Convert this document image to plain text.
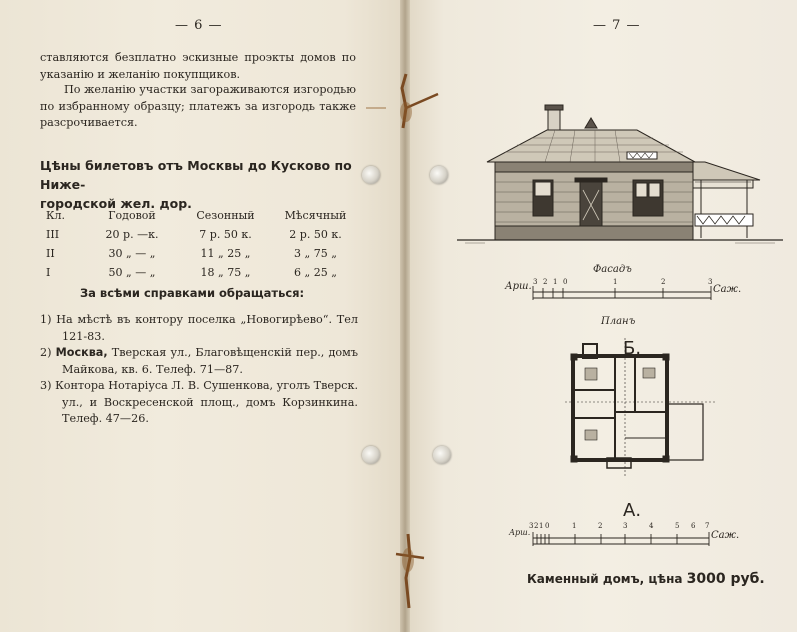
— 6 —

ставляются безплатно эскизные проэкты домов по указанію и желанію покупщиков.

По желанію участки загораживаются изгородью по избранному образцу; платежъ за изгородь также разсрочивается.

Цѣны билетовъ отъ Москвы до Кусково по Ниже-
городской жел. дор.
Кл.	Годовой	Сезонный	Мѣсячный
III	20 р. —к.	7 р. 50 к.	2 р. 50 к.
II	30 „ — „	11 „ 25 „	3 „ 75 „
I	50 „ — „	18 „ 75 „	6 „ 25 „
За всѣми справками обращаться:
1) На мѣстѣ въ контору поселка „Новогирѣево“. Тел 121-83.
2) Москва, Тверская ул., Благовѣщенскій пер., домъ Майкова, кв. 6. Телеф. 71—87.
3) Контора Нотаріуса Л. В. Сушенкова, уголъ Тверск. ул., и Воскресенской площ., домъ Корзинкина. Телеф. 47—26.
— 7 —
Фасадъ
Арш.	Саж.
3 2 1 0	1	2	3
Планъ
Б.
А.
Арш.	Саж.
3 2 1 0	1	2	3	4	5 6 7
Каменный домъ, цѣна 3000 руб.
